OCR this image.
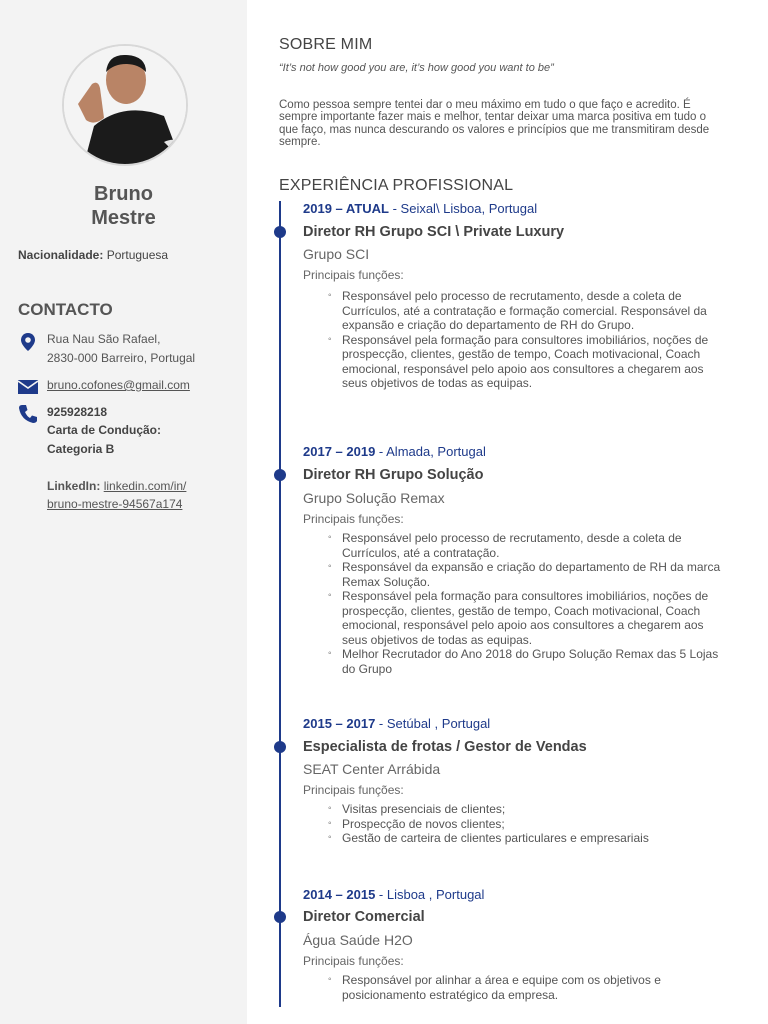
Bruno
Mestre
Nacionalidade: Portuguesa
CONTACTO
Rua Nau São Rafael,
2830-000 Barreiro, Portugal
bruno.cofones@gmail.com
925928218
Carta de Condução:
Categoria B
LinkedIn: linkedin.com/in/
bruno-mestre-94567a174
SOBRE MIM
“It’s not how good you are, it’s how good you want to be”
Como pessoa sempre tentei dar o meu máximo em tudo o que faço e acredito. É sempre importante fazer mais e melhor, tentar deixar uma marca positiva em tudo o que faço, mas nunca descurando os valores e princípios que me transmitiram desde sempre.
EXPERIÊNCIA PROFISSIONAL
2019 – ATUAL - Seixal\ Lisboa, Portugal
Diretor RH Grupo SCI \ Private Luxury
Grupo SCI
Principais funções:
◦ Responsável pelo processo de recrutamento, desde a coleta de Currículos, até a contratação e formação comercial. Responsável da expansão e criação do departamento de RH do Grupo.
◦ Responsável pela formação para consultores imobiliários, noções de prospecção, clientes, gestão de tempo, Coach motivacional, Coach emocional, responsável pelo apoio aos consultores a chegarem aos seus objetivos de todas as equipas.
2017 – 2019 - Almada, Portugal
Diretor RH Grupo Solução
Grupo Solução Remax
Principais funções:
◦ Responsável pelo processo de recrutamento, desde a coleta de Currículos, até a contratação.
◦ Responsável da expansão e criação do departamento de RH da marca Remax Solução.
◦ Responsável pela formação para consultores imobiliários, noções de prospecção, clientes, gestão de tempo, Coach motivacional, Coach emocional, responsável pelo apoio aos consultores a chegarem aos seus objetivos de todas as equipas.
◦ Melhor Recrutador do Ano 2018 do Grupo Solução Remax das 5 Lojas do Grupo
2015 – 2017 - Setúbal , Portugal
Especialista de frotas / Gestor de Vendas
SEAT Center Arrábida
Principais funções:
◦ Visitas presenciais de clientes;
◦ Prospecção de novos clientes;
◦ Gestão de carteira de clientes particulares e empresariais
2014 – 2015 - Lisboa , Portugal
Diretor Comercial
Água Saúde H2O
Principais funções:
◦ Responsável por alinhar a área e equipe com os objetivos e posicionamento estratégico da empresa.
